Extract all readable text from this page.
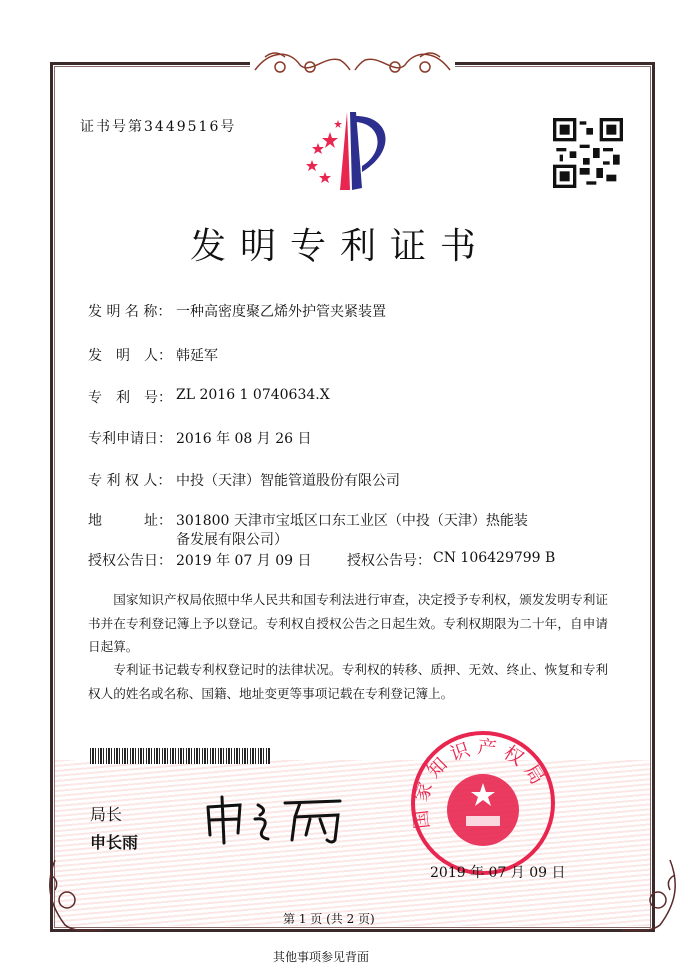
证书号第3449516号
发明专利证书
发 明 名 称： 一种高密度聚乙烯外护管夹紧装置
发　明　人： 韩延军
专　利　号： ZL 2016 1 0740634.X
专利申请日： 2016 年 08 月 26 日
专 利 权 人： 中投（天津）智能管道股份有限公司
地　　　址： 301800 天津市宝坻区口东工业区（中投（天津）热能装
备发展有限公司）
授权公告日： 2019 年 07 月 09 日	授权公告号： CN 106429799 B

国家知识产权局依照中华人民共和国专利法进行审查，决定授予专利权，颁发发明专利证书并在专利登记簿上予以登记。专利权自授权公告之日起生效。专利权期限为二十年，自申请日起算。

专利证书记载专利权登记时的法律状况。专利权的转移、质押、无效、终止、恢复和专利权人的姓名或名称、国籍、地址变更等事项记载在专利登记簿上。

局长
申长雨
国家知识产权局
2019 年 07 月 09 日
第 1 页 (共 2 页)
其他事项参见背面
